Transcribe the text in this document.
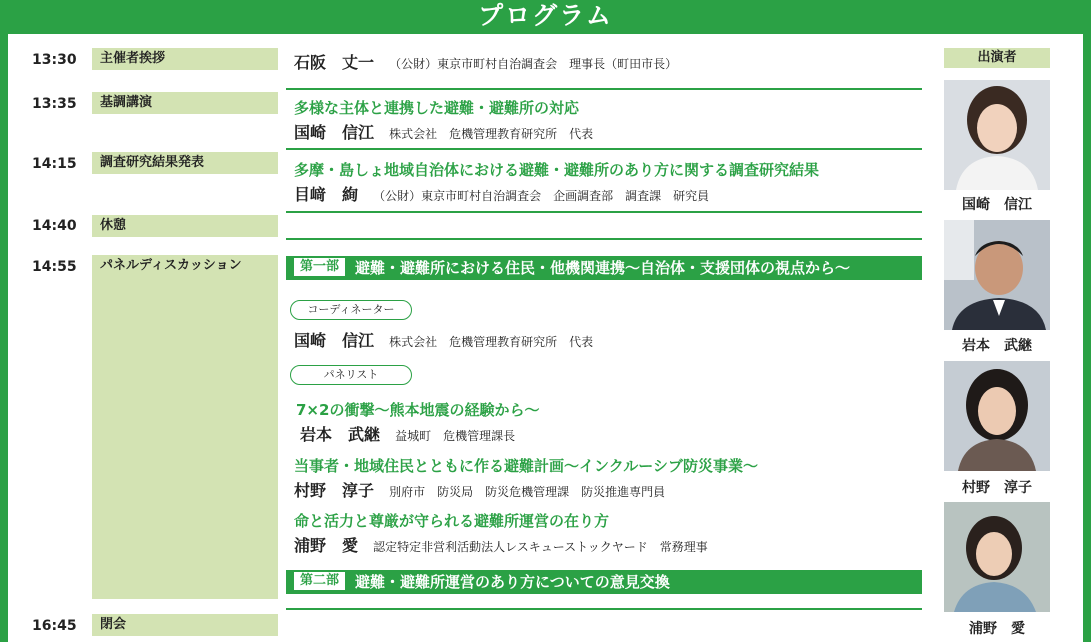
プログラム
13:30	主催者挨拶	石阪　丈一 （公財）東京市町村自治調査会　理事長（町田市長）
13:35	基調講演	多様な主体と連携した避難・避難所の対応
国崎　信江 株式会社　危機管理教育研究所　代表
14:15	調査研究結果発表	多摩・島しょ地域自治体における避難・避難所のあり方に関する調査研究結果
目﨑　絢 （公財）東京市町村自治調査会　企画調査部　調査課　研究員
14:40	休憩
14:55	パネルディスカッション	第一部 避難・避難所における住民・他機関連携～自治体・支援団体の視点から～
コーディネーター
国崎　信江 株式会社　危機管理教育研究所　代表
パネリスト
7×2の衝撃～熊本地震の経験から～
岩本　武継 益城町　危機管理課長
当事者・地域住民とともに作る避難計画～インクルーシブ防災事業～
村野　淳子 別府市　防災局　防災危機管理課　防災推進専門員
命と活力と尊厳が守られる避難所運営の在り方
浦野　愛 認定特定非営利活動法人レスキューストックヤード　常務理事
第二部 避難・避難所運営のあり方についての意見交換
16:45	閉会
出演者
国崎　信江
岩本　武継
村野　淳子
浦野　愛
